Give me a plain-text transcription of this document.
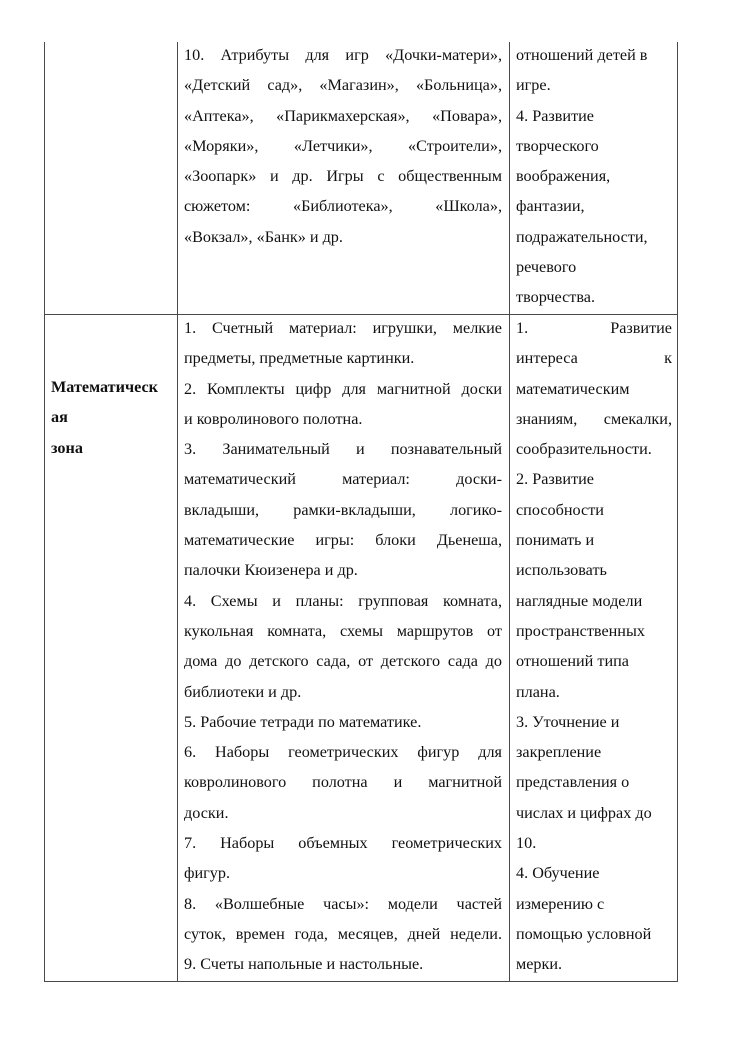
10. Атрибуты для игр «Дочки-матери»,
«Детский сад», «Магазин», «Больница»,
«Аптека», «Парикмахерская», «Повара»,
«Моряки», «Летчики», «Строители»,
«Зоопарк» и др. Игры с общественным
сюжетом: «Библиотека», «Школа»,
«Вокзал», «Банк» и др.
отношений детей в
игре.
4. Развитие
творческого
воображения,
фантазии,
подражательности,
речевого
творчества.
Математическ
ая
зона
1. Счетный материал: игрушки, мелкие
предметы, предметные картинки.
2. Комплекты цифр для магнитной доски
и ковролинового полотна.
3. Занимательный и познавательный
математический материал: доски-
вкладыши, рамки-вкладыши, логико-
математические игры: блоки Дьенеша,
палочки Кюизенера и др.
4. Схемы и планы: групповая комната,
кукольная комната, схемы маршрутов от
дома до детского сада, от детского сада до
библиотеки и др.
5. Рабочие тетради по математике.
6. Наборы геометрических фигур для
ковролинового полотна и магнитной
доски.
7. Наборы объемных геометрических
фигур.
8. «Волшебные часы»: модели частей
суток, времен года, месяцев, дней недели.
9. Счеты напольные и настольные.
1. Развитие
интереса к
математическим
знаниям, смекалки,
сообразительности.
2. Развитие
способности
понимать и
использовать
наглядные модели
пространственных
отношений типа
плана.
3. Уточнение и
закрепление
представления о
числах и цифрах до
10.
4. Обучение
измерению с
помощью условной
мерки.
